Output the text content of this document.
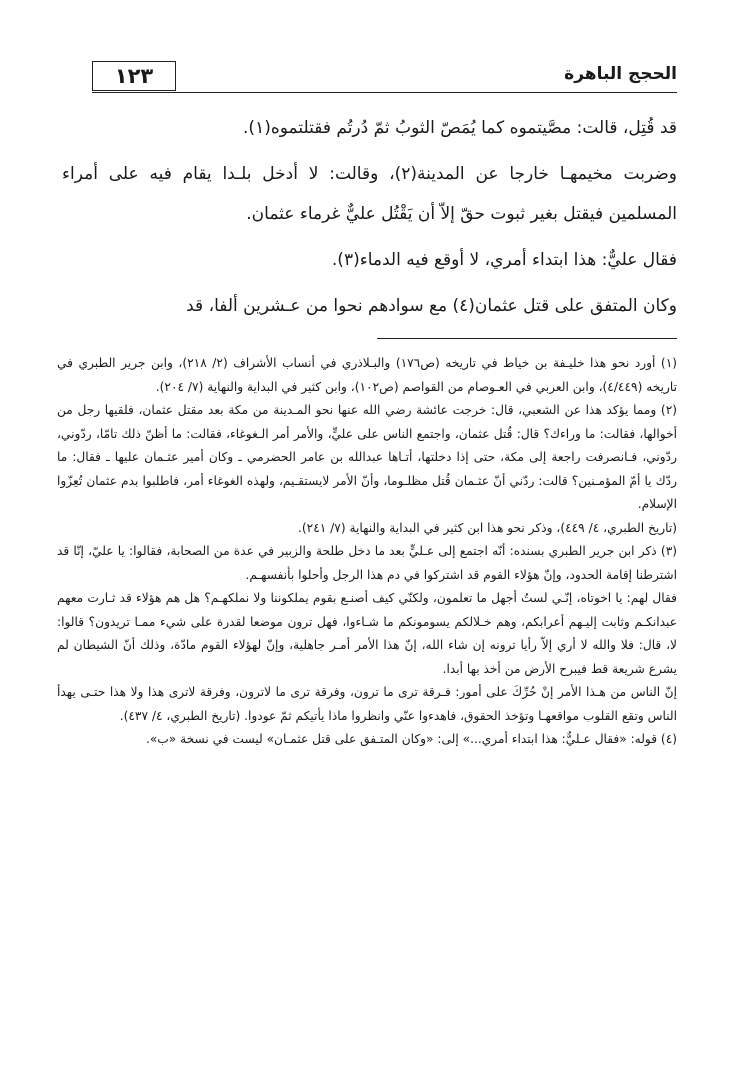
١٢٣	الحجج الباهرة

قد قُتِل، قالت: مصَّيتموه كما يُمَصّ الثوبُ ثمّ دُرتُم فقتلتموه(١).

وضربت مخيمهـا خارجا عن المدينة(٢)، وقالت: لا أدخل بلـدا يقام فيه على أمراء المسلمين فيقتل بغير ثبوت حقّ إلاّ أن يَقْتُل عليٌّ غرماء عثمان.

فقال عليٌّ: هذا ابتداء أمري، لا أوقع فيه الدماء(٣).

وكان المتفق على قتل عثمان(٤) مع سوادهم نحوا من عـشرين ألفا، قد

(١) أورد نحو هذا خليـفة بن خياط في تاريخه (ص١٧٦) والبـلاذري في أنساب الأشراف (٢/ ٢١٨)، وابن جرير الطبري في تاريخه (٤/٤٤٩)، وابن العربي في العـوصام من القواصم (ص١٠٢)، وابن كثير في البداية والنهاية (٧/ ٢٠٤).

(٢) ومما يؤكد هذا عن الشعبي، قال: خرجت عائشة رضي الله عنها نحو المـدينة من مكة بعد مقتل عثمان، فلقيها رجل من أخوالها، فقالت: ما وراءك؟ قال: قُتل عثمان، واجتمع الناس على عليٍّ، والأمر أمر الـغوغاء، فقالت: ما أظنّ ذلك تامّا، ردّوني، ردّوني، فـانصرفت راجعة إلى مكة، حتى إذا دخلتها، أتـاها عبدالله بن عامر الحضرمي ـ وكان أمير عثـمان عليها ـ فقال: ما ردّك يا أمّ المؤمـنين؟ قالت: ردّني أنّ عثـمان قُتل مظلـوما، وأنّ الأمر لايستقـيم، ولهذه الغوغاء أمر، فاطلبوا بدم عثمان تُعِزّوا الإسلام.

(تاريخ الطبري، ٤/ ٤٤٩)، وذكر نحو هذا ابن كثير في البداية والنهاية (٧/ ٢٤١).

(٣) ذكر ابن جرير الطبري بسنده: أنّه اجتمع إلى عـليٍّ بعد ما دخل طلحة والزبير في عدة من الصحابة، فقالوا: يا عليّ، إنّا قد اشترطنا إقامة الحدود، وإنّ هؤلاء القوم قد اشتركوا في دم هذا الرجل وأحلوا بأنفسهـم.

فقال لهم: يا اخوتاه، إنّـي لستُ أجهل ما تعلمون، ولكنّي كيف أصنـع بقوم يملكوننا ولا نملكهـم؟ هل هم هؤلاء قد ثـارت معهم عبدانكـم وثابت إليـهم أعرابكم، وهم خـلالكم يسومونكم ما شـاءوا، فهل ترون موضعا لقدرة على شيء ممـا تريدون؟ قالوا: لا، قال: فلا والله لا أري إلاّ رأيا ترونه إن شاء الله، إنّ هذا الأمر أمـر جاهلية، وإنّ لهؤلاء القوم مادّة، وذلك أنّ الشيطان لم يشرع شريعة قط فيبرح الأرض من أخذ بها أبدا.

إنّ الناس من هـذا الأمر إنْ حُرِّكَ على أمور: فـرقة ترى ما ترون، وفرقة ترى ما لاترون، وفرقة لاترى هذا ولا هذا حتـى يهدأ الناس وتقع القلوب مواقعهـا وتؤخذ الحقوق، فاهدءوا عنّي وانظروا ماذا يأتيكم ثمّ عودوا. (تاريخ الطبري، ٤/ ٤٣٧).

(٤) قوله: «فقال عـليٌّ: هذا ابتداء أمري...» إلى: «وكان المتـفق على قتل عثمـان» ليست في نسخة «ب».
